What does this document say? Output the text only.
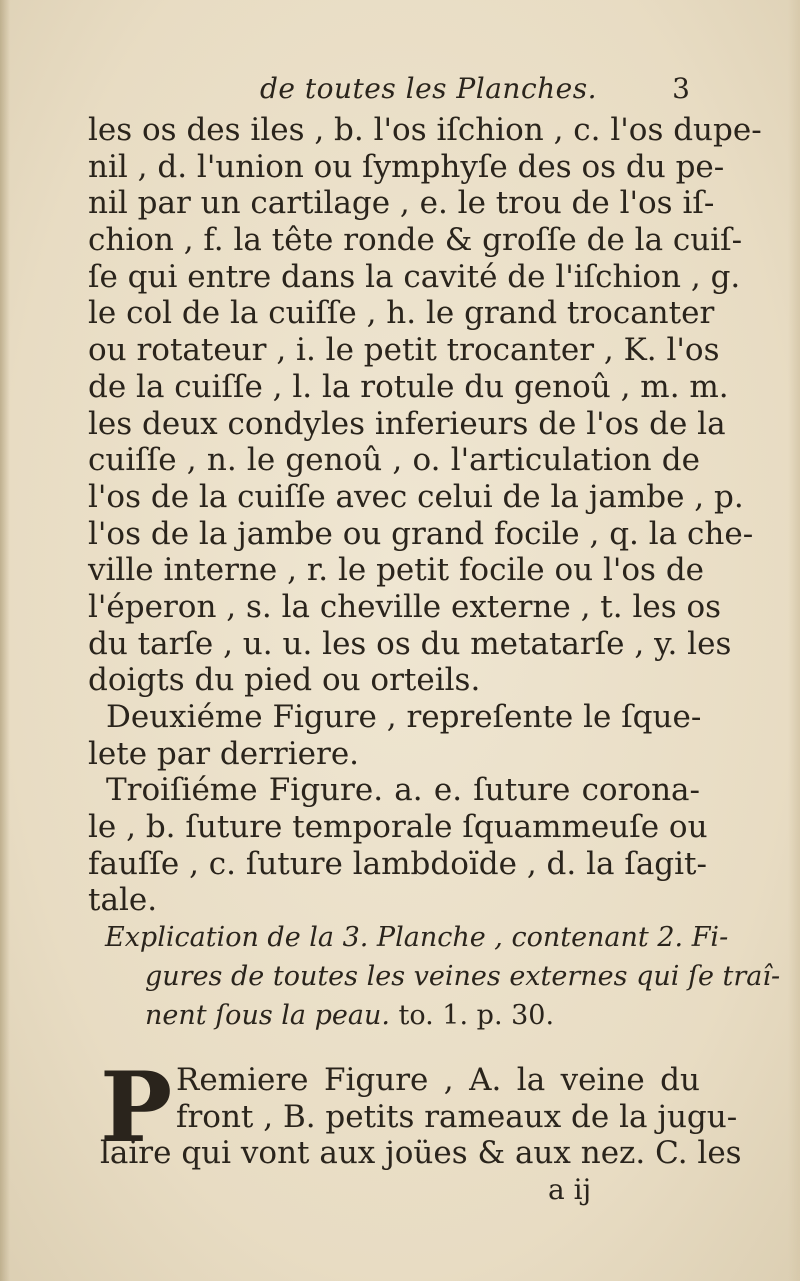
de toutes les Planches.	3
les os des iles , b. l'os iſchion , c. l'os dupe-
nil , d. l'union ou ſymphyſe des os du pe-
nil par un cartilage , e. le trou de l'os iſ-
chion , f. la tête ronde & groſſe de la cuiſ-
ſe qui entre dans la cavité de l'iſchion , g.
le col de la cuiſſe , h. le grand trocanter
ou rotateur , i. le petit trocanter , K. l'os
de la cuiſſe , l. la rotule du genoû , m. m.
les deux condyles inferieurs de l'os de la
cuiſſe , n. le genoû , o. l'articulation de
l'os de la cuiſſe avec celui de la jambe , p.
l'os de la jambe ou grand focile , q. la che-
ville interne , r. le petit focile ou l'os de
l'éperon , s. la cheville externe , t. les os
du tarſe , u. u. les os du metatarſe , y. les
doigts du pied ou orteils.
Deuxiéme Figure , repreſente le ſque-
lete par derriere.
Troiſiéme Figure. a. e. ſuture corona-
le , b. ſuture temporale ſquammeuſe ou
fauſſe , c. ſuture lambdoïde , d. la ſagit-
tale.
Explication de la 3. Planche , contenant 2. Fi-
gures de toutes les veines externes qui ſe traî-
nent ſous la peau. to. 1. p. 30.
P Remiere Figure , A. la veine du
front , B. petits rameaux de la jugu-
laire qui vont aux joües & aux nez. C. les
a ij
